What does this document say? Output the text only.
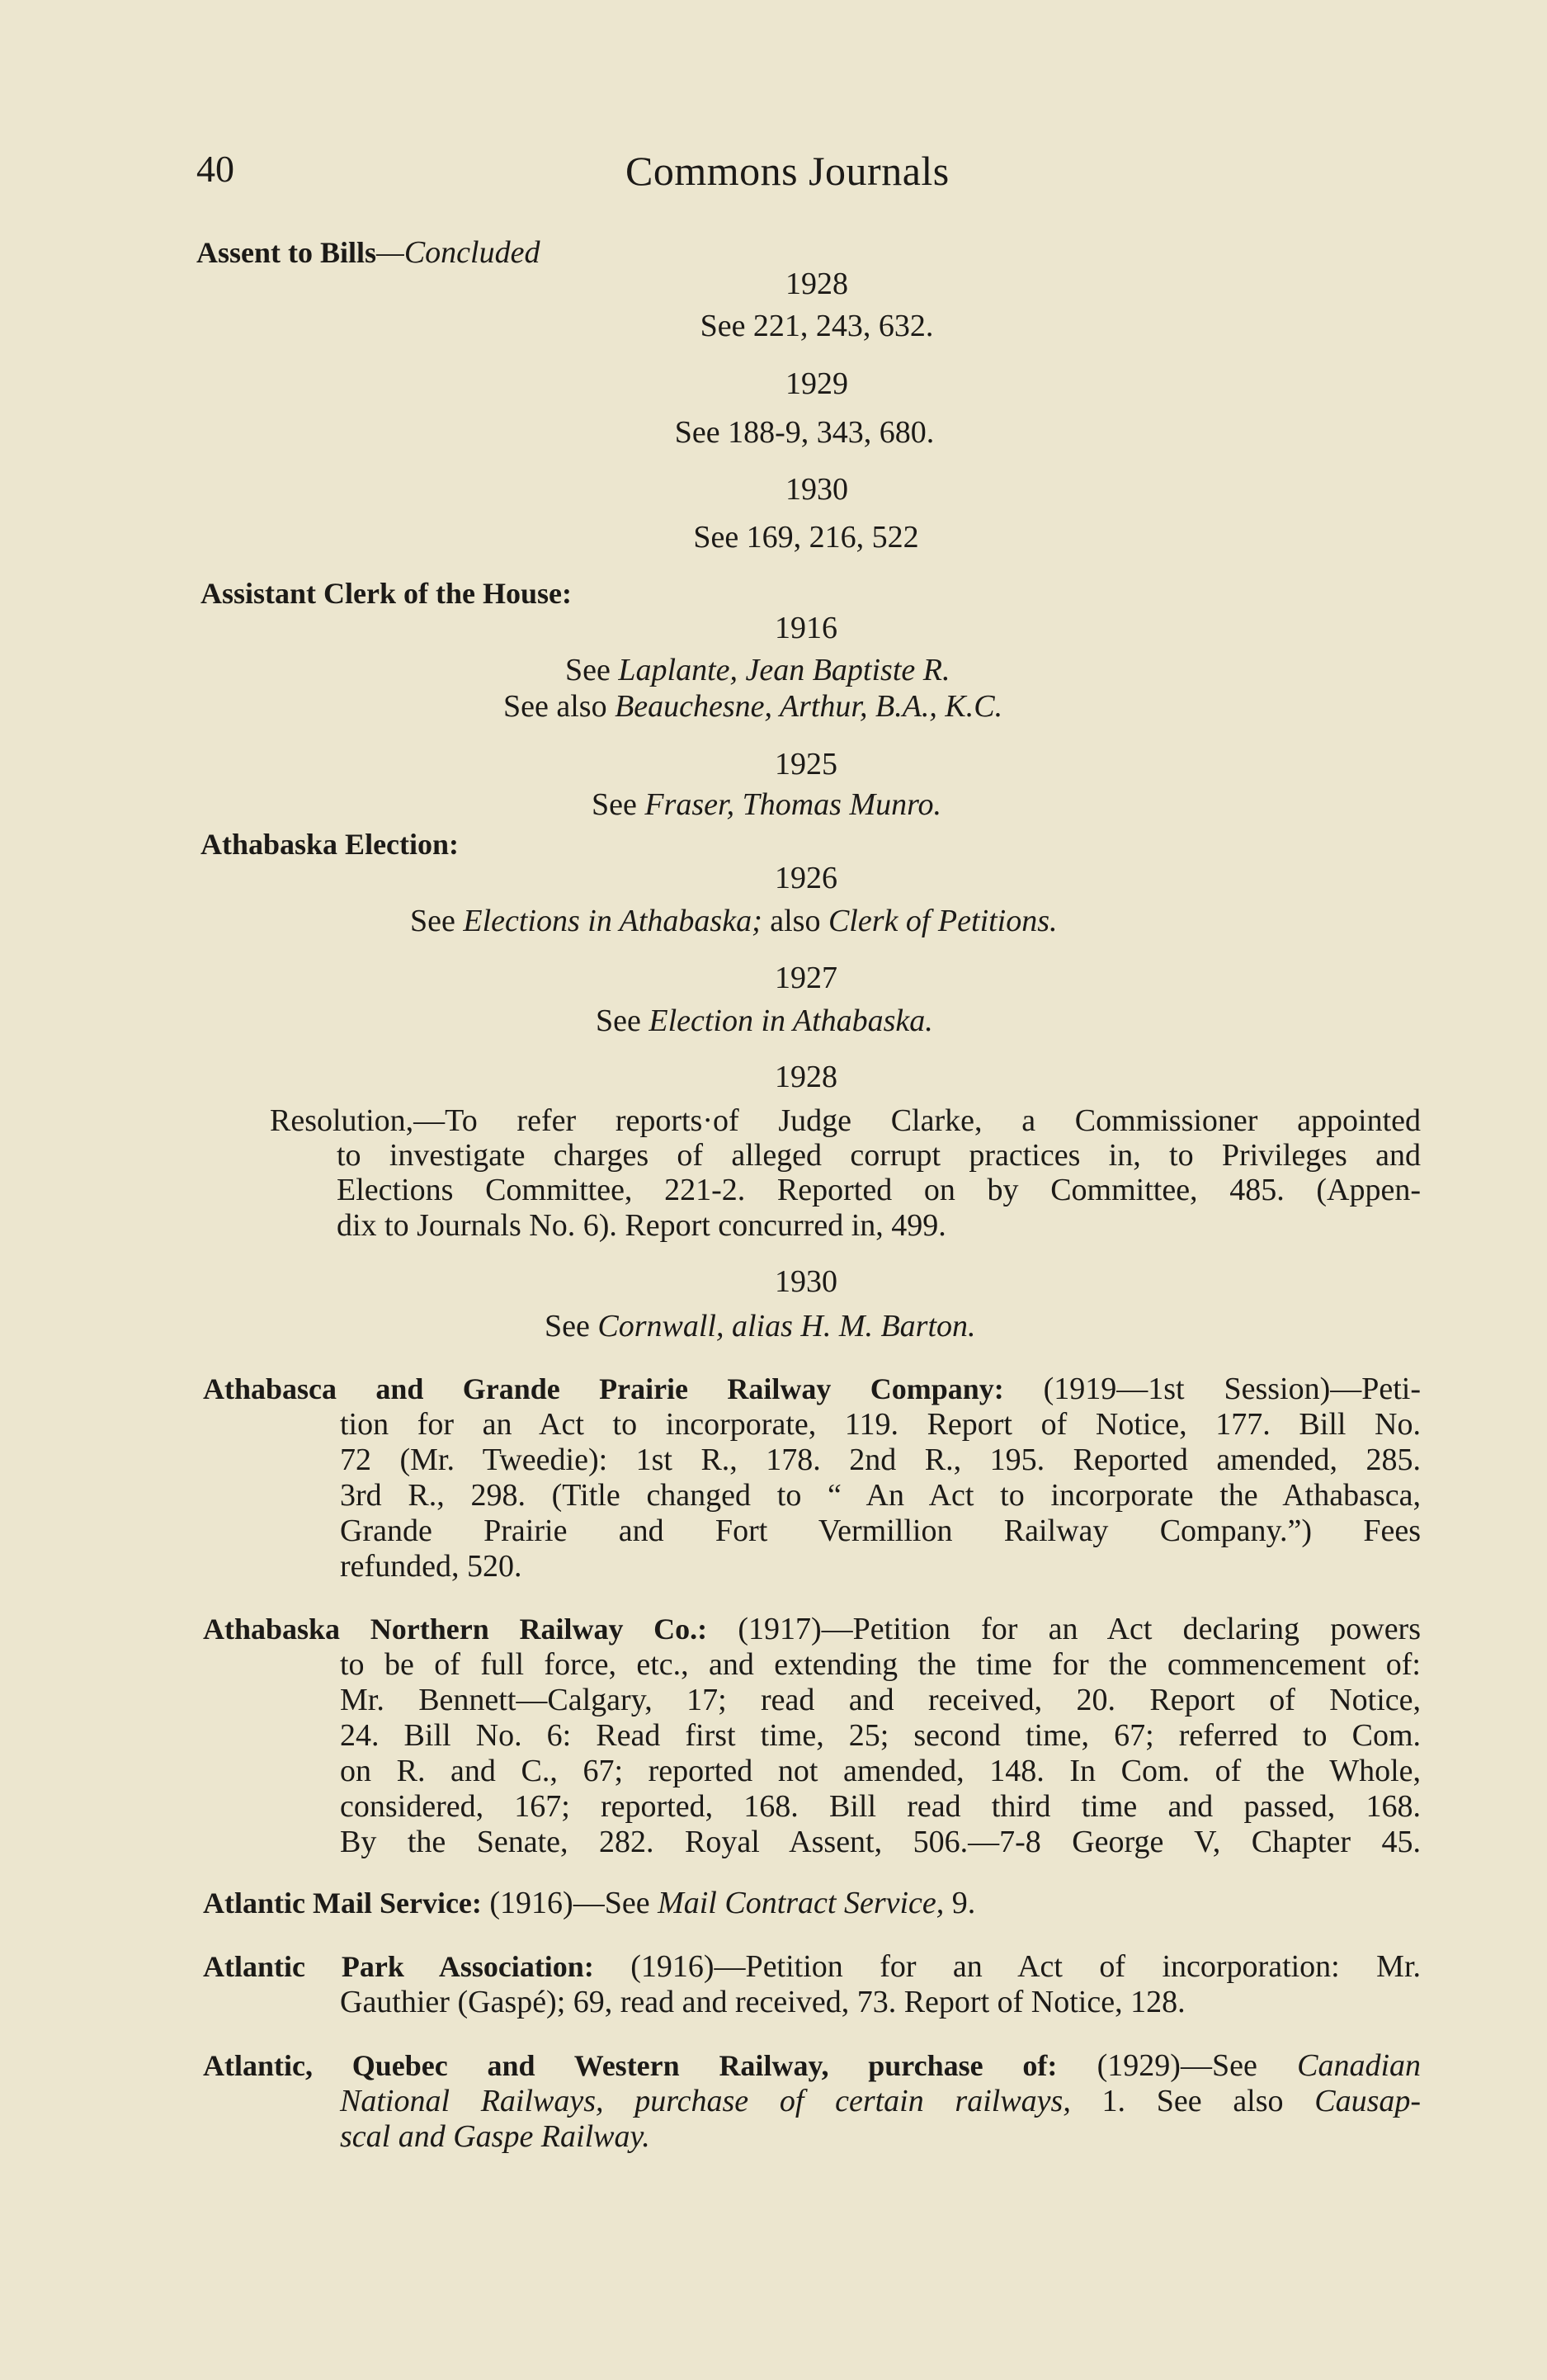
40	Commons Journals
Assent to Bills—Concluded
1928
See 221, 243, 632.
1929
See 188-9, 343, 680.
1930
See 169, 216, 522
Assistant Clerk of the House:
1916
See Laplante, Jean Baptiste R.
See also Beauchesne, Arthur, B.A., K.C.
1925
See Fraser, Thomas Munro.
Athabaska Election:
1926
See Elections in Athabaska; also Clerk of Petitions.
1927
See Election in Athabaska.
1928
Resolution,—To refer reports·of Judge Clarke, a Commissioner appointed
to investigate charges of alleged corrupt practices in, to Privileges and
Elections Committee, 221-2. Reported on by Committee, 485. (Appen-
dix to Journals No. 6). Report concurred in, 499.
1930
See Cornwall, alias H. M. Barton.
Athabasca and Grande Prairie Railway Company: (1919—1st Session)—Peti-
tion for an Act to incorporate, 119. Report of Notice, 177. Bill No.
72 (Mr. Tweedie): 1st R., 178. 2nd R., 195. Reported amended, 285.
3rd R., 298. (Title changed to “ An Act to incorporate the Athabasca,
Grande Prairie and Fort Vermillion Railway Company.”) Fees
refunded, 520.
Athabaska Northern Railway Co.: (1917)—Petition for an Act declaring powers
to be of full force, etc., and extending the time for the commencement of:
Mr. Bennett—Calgary, 17; read and received, 20. Report of Notice,
24. Bill No. 6: Read first time, 25; second time, 67; referred to Com.
on R. and C., 67; reported not amended, 148. In Com. of the Whole,
considered, 167; reported, 168. Bill read third time and passed, 168.
By the Senate, 282. Royal Assent, 506.—7-8 George V, Chapter 45.
Atlantic Mail Service: (1916)—See Mail Contract Service, 9.
Atlantic Park Association: (1916)—Petition for an Act of incorporation: Mr.
Gauthier (Gaspé); 69, read and received, 73. Report of Notice, 128.
Atlantic, Quebec and Western Railway, purchase of: (1929)—See Canadian
National Railways, purchase of certain railways, 1. See also Causap-
scal and Gaspe Railway.
